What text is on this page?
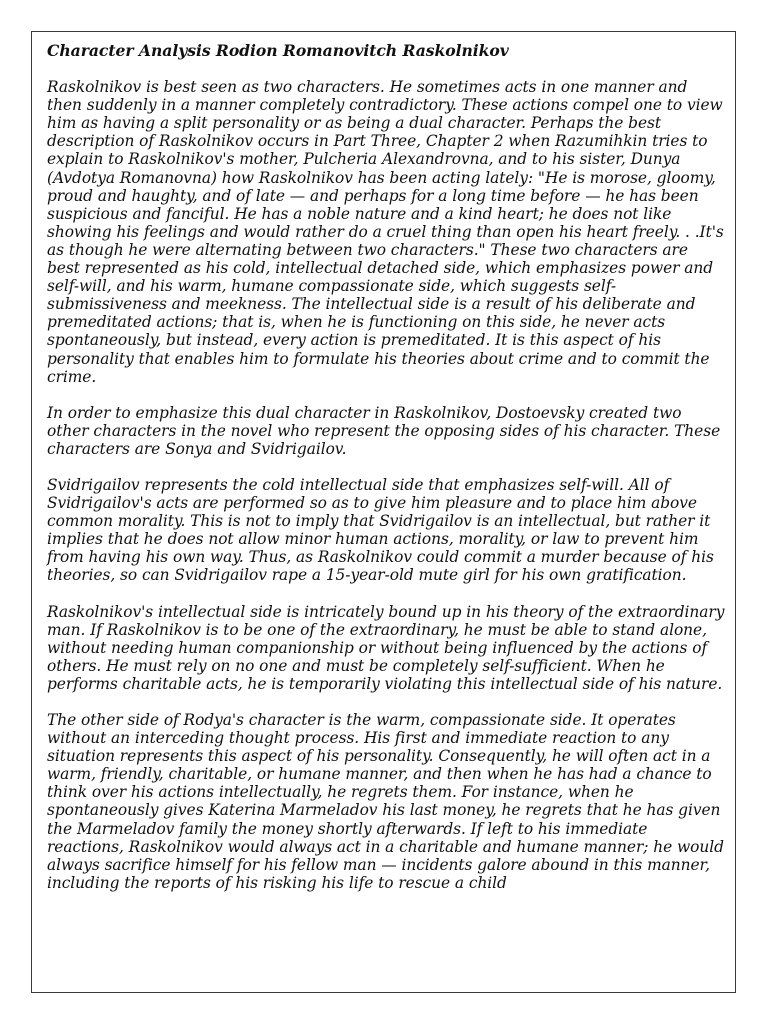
Character Analysis Rodion Romanovitch Raskolnikov

Raskolnikov is best seen as two characters. He sometimes acts in one manner and then suddenly in a manner completely contradictory. These actions compel one to view him as having a split personality or as being a dual character. Perhaps the best description of Raskolnikov occurs in Part Three, Chapter 2 when Razumihkin tries to explain to Raskolnikov's mother, Pulcheria Alexandrovna, and to his sister, Dunya (Avdotya Romanovna) how Raskolnikov has been acting lately: "He is morose, gloomy, proud and haughty, and of late — and perhaps for a long time before — he has been suspicious and fanciful. He has a noble nature and a kind heart; he does not like showing his feelings and would rather do a cruel thing than open his heart freely. . .It's as though he were alternating between two characters." These two characters are best represented as his cold, intellectual detached side, which emphasizes power and self-will, and his warm, humane compassionate side, which suggests self-submissiveness and meekness. The intellectual side is a result of his deliberate and premeditated actions; that is, when he is functioning on this side, he never acts spontaneously, but instead, every action is premeditated. It is this aspect of his personality that enables him to formulate his theories about crime and to commit the crime.

In order to emphasize this dual character in Raskolnikov, Dostoevsky created two other characters in the novel who represent the opposing sides of his character. These characters are Sonya and Svidrigailov.

Svidrigailov represents the cold intellectual side that emphasizes self-will. All of Svidrigailov's acts are performed so as to give him pleasure and to place him above common morality. This is not to imply that Svidrigailov is an intellectual, but rather it implies that he does not allow minor human actions, morality, or law to prevent him from having his own way. Thus, as Raskolnikov could commit a murder because of his theories, so can Svidrigailov rape a 15-year-old mute girl for his own gratification.

Raskolnikov's intellectual side is intricately bound up in his theory of the extraordinary man. If Raskolnikov is to be one of the extraordinary, he must be able to stand alone, without needing human companionship or without being influenced by the actions of others. He must rely on no one and must be completely self-sufficient. When he performs charitable acts, he is temporarily violating this intellectual side of his nature.

The other side of Rodya's character is the warm, compassionate side. It operates without an interceding thought process. His first and immediate reaction to any situation represents this aspect of his personality. Consequently, he will often act in a warm, friendly, charitable, or humane manner, and then when he has had a chance to think over his actions intellectually, he regrets them. For instance, when he spontaneously gives Katerina Marmeladov his last money, he regrets that he has given the Marmeladov family the money shortly afterwards. If left to his immediate reactions, Raskolnikov would always act in a charitable and humane manner; he would always sacrifice himself for his fellow man — incidents galore abound in this manner, including the reports of his risking his life to rescue a child
